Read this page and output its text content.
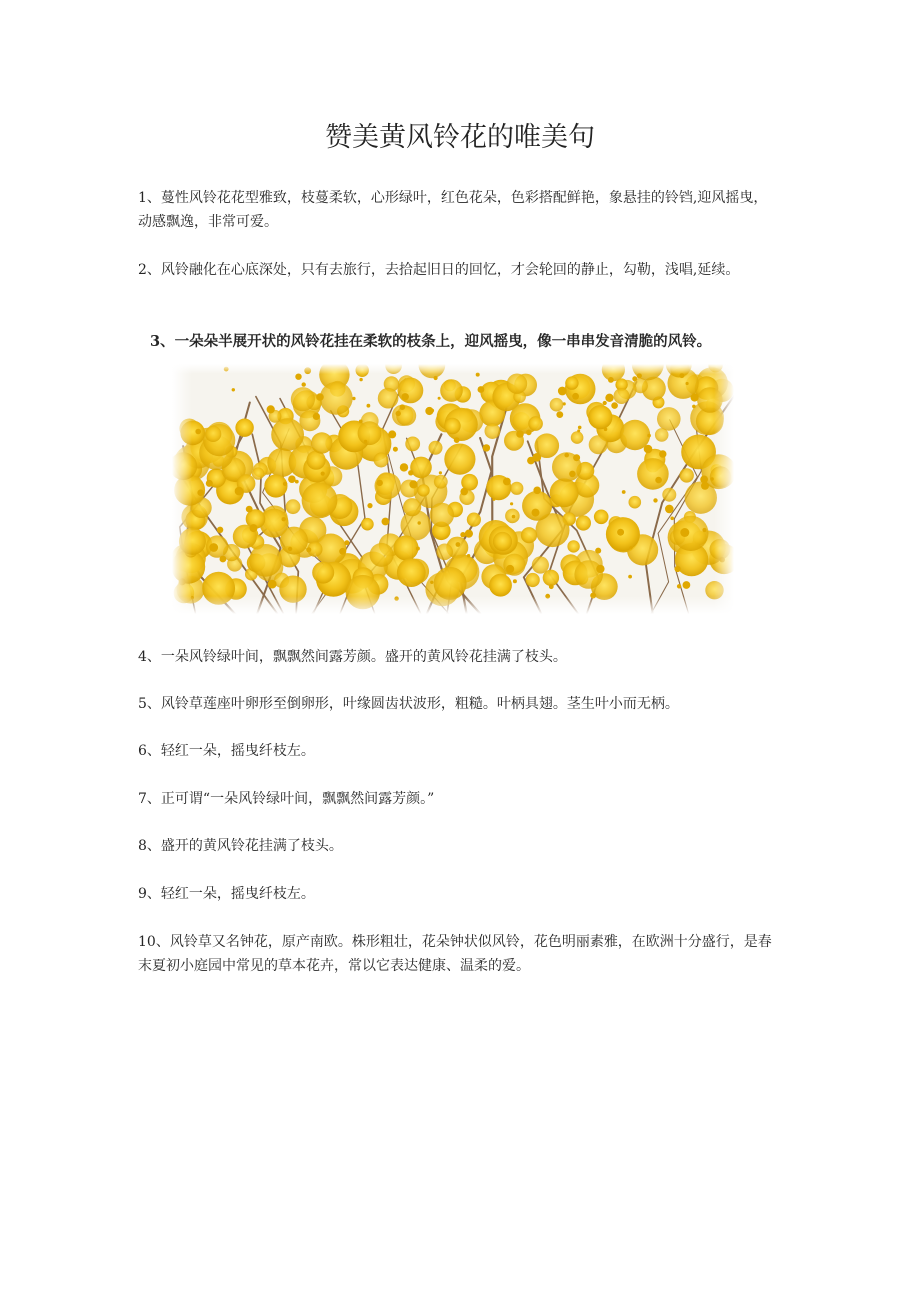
赞美黄风铃花的唯美句
1、蔓性风铃花花型雅致，枝蔓柔软，心形绿叶，红色花朵，色彩搭配鲜艳，象悬挂的铃铛,迎风摇曳，动感飘逸，非常可爱。
2、风铃融化在心底深处，只有去旅行，去拾起旧日的回忆，才会轮回的静止，勾勒，浅唱,延续。
3、一朵朵半展开状的风铃花挂在柔软的枝条上，迎风摇曳，像一串串发音清脆的风铃。
4、一朵风铃绿叶间，飘飘然间露芳颜。盛开的黄风铃花挂满了枝头。
5、风铃草莲座叶卵形至倒卵形，叶缘圆齿状波形，粗糙。叶柄具翅。茎生叶小而无柄。
6、轻红一朵，摇曳纤枝左。
7、正可谓“一朵风铃绿叶间，飘飘然间露芳颜。”
8、盛开的黄风铃花挂满了枝头。
9、轻红一朵，摇曳纤枝左。
10、风铃草又名钟花，原产南欧。株形粗壮，花朵钟状似风铃，花色明丽素雅，在欧洲十分盛行，是春末夏初小庭园中常见的草本花卉，常以它表达健康、温柔的爱。
